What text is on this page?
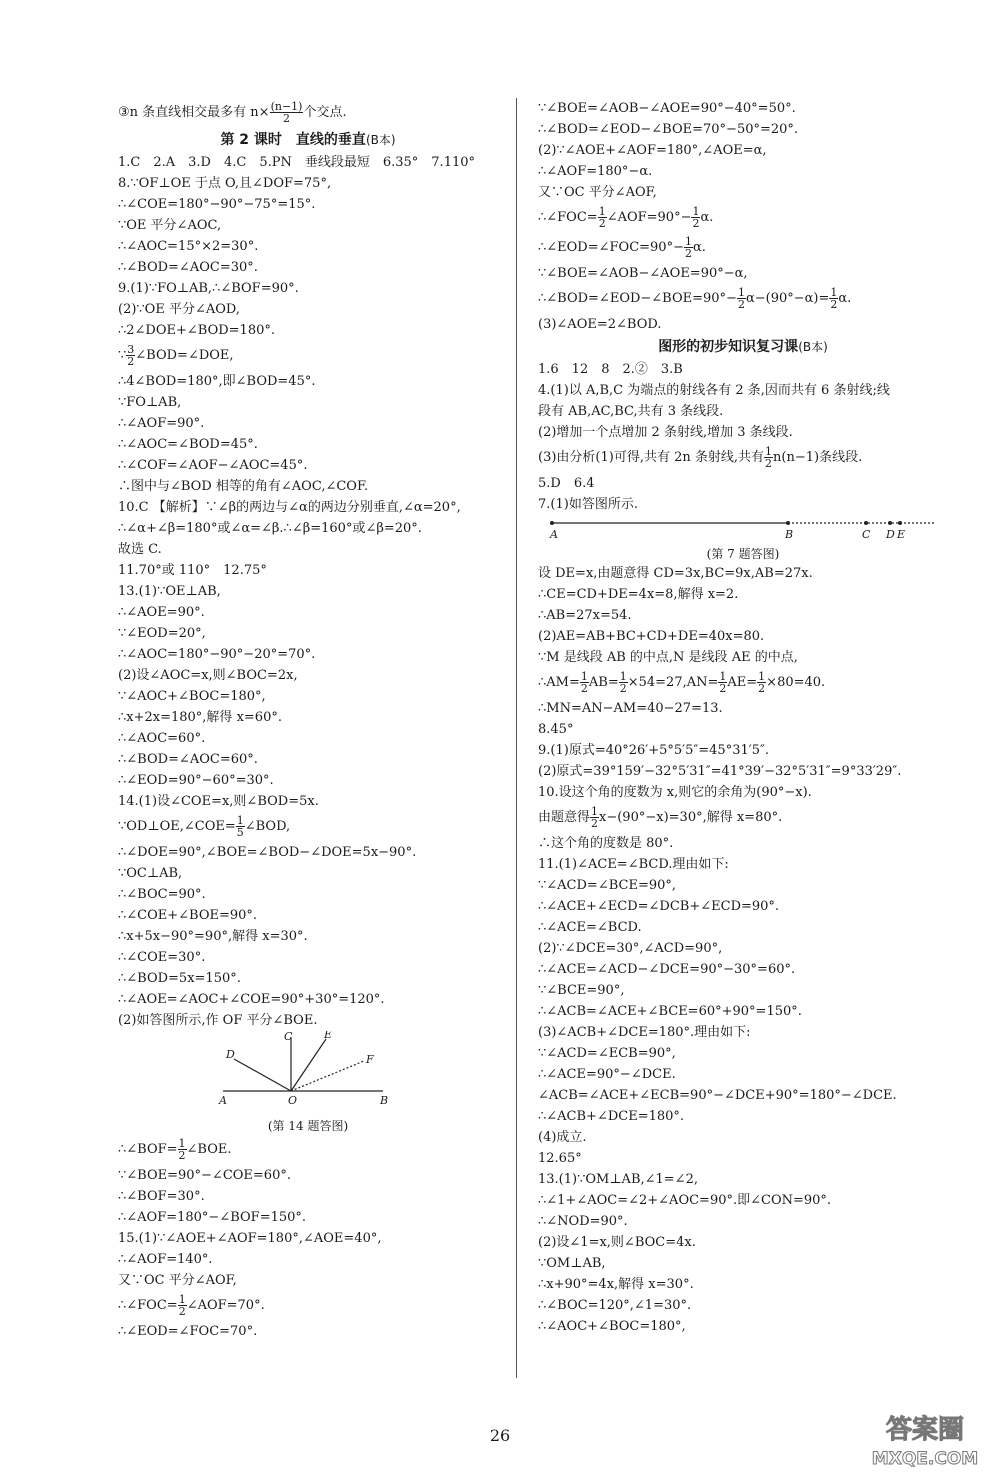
③n 条直线相交最多有 $n\times \frac{(n-1)}{2}$ 个交点.
第 2 课时　直线的垂直(B本)
1.C　2.A　3.D　4.C　5.PN　垂线段最短　6.35°　7.110°
8.∵OF⊥OE 于点 O,且∠DOF=75°,
∴∠COE=180°−90°−75°=15°.
∵OE 平分∠AOC,
∴∠AOC=15°×2=30°.
∴∠BOD=∠AOC=30°.
9.(1)∵FO⊥AB,∴∠BOF=90°.
(2)∵OE 平分∠AOD,
∴2∠DOE+∠BOD=180°.
∵ $\frac{3}{2}$ ∠BOD=∠DOE,
∴4∠BOD=180°,即∠BOD=45°.
∵FO⊥AB,
∴∠AOF=90°.
∴∠AOC=∠BOD=45°.
∴∠COF=∠AOF−∠AOC=45°.
∴图中与∠BOD 相等的角有∠AOC,∠COF.
10.C 【解析】∵∠β的两边与∠α的两边分别垂直,∠α=20°,
∴∠α+∠β=180°或∠α=∠β.∴∠β=160°或∠β=20°.
故选 C.
11.70°或 110°　12.75°
13.(1)∵OE⊥AB,
∴∠AOE=90°.
∵∠EOD=20°,
∴∠AOC=180°−90°−20°=70°.
(2)设∠AOC=x,则∠BOC=2x,
∵∠AOC+∠BOC=180°,
∴x+2x=180°,解得 x=60°.
∴∠AOC=60°.
∴∠BOD=∠AOC=60°.
∴∠EOD=90°−60°=30°.
14.(1)设∠COE=x,则∠BOD=5x.
∵OD⊥OE,∠COE= $\frac{1}{5}$ ∠BOD,
∴∠DOE=90°,∠BOE=∠BOD−∠DOE=5x−90°.
∵OC⊥AB,
∴∠BOC=90°.
∴∠COE+∠BOE=90°.
∴x+5x−90°=90°,解得 x=30°.
∴∠COE=30°.
∴∠BOD=5x=150°.
∴∠AOE=∠AOC+∠COE=90°+30°=120°.
(2)如答图所示,作 OF 平分∠BOE.
A	B
C
D
E
F
O
(第 14 题答图)
∴∠BOF= $\frac{1}{2}$ ∠BOE.
∵∠BOE=90°−∠COE=60°.
∴∠BOF=30°.
∴∠AOF=180°−∠BOF=150°.
15.(1)∵∠AOE+∠AOF=180°,∠AOE=40°,
∴∠AOF=140°.
又∵OC 平分∠AOF,
∴∠FOC= $\frac{1}{2}$ ∠AOF=70°.
∴∠EOD=∠FOC=70°.
∵∠BOE=∠AOB−∠AOE=90°−40°=50°.
∴∠BOD=∠EOD−∠BOE=70°−50°=20°.
(2)∵∠AOE+∠AOF=180°,∠AOE=α,
∴∠AOF=180°−α.
又∵OC 平分∠AOF,
∴∠FOC= $\frac{1}{2}$ ∠AOF=90°− $\frac{1}{2} \alpha$.
∴∠EOD=∠FOC=90°− $\frac{1}{2} \alpha$.
∵∠BOE=∠AOB−∠AOE=90°−α,
∴∠BOD=∠EOD−∠BOE=90°− $\frac{1}{2} \alpha-(90^\circ-\alpha)= \frac{1}{2} \alpha$.
(3)∠AOE=2∠BOD.
图形的初步知识复习课(B本)
1.6　12　8　2.②　3.B
4.(1)以 A,B,C 为端点的射线各有 2 条,因而共有 6 条射线;线
段有 AB,AC,BC,共有 3 条线段.
(2)增加一个点增加 2 条射线,增加 3 条线段.
(3)由分析(1)可得,共有 2n 条射线,共有 $\frac{1}{2} n(n-1)$条线段.
5.D　6.4
7.(1)如答图所示.
A	B	C D E
(第 7 题答图)
设 DE=x,由题意得 CD=3x,BC=9x,AB=27x.
∴CE=CD+DE=4x=8,解得 x=2.
∴AB=27x=54.
(2)AE=AB+BC+CD+DE=40x=80.
∵M 是线段 AB 的中点,N 是线段 AE 的中点,
∴AM= $\frac{1}{2} AB= \frac{1}{2} \times 54=27,AN= \frac{1}{2} AE= \frac{1}{2} \times 80=40$.
∴MN=AN−AM=40−27=13.
8.45°
9.(1)原式=40°26′+5°5′5″=45°31′5″.
(2)原式=39°159′−32°5′31″=41°39′−32°5′31″=9°33′29″.
10.设这个角的度数为 x,则它的余角为(90°−x).
由题意得 $\frac{1}{2} x-(90^\circ-x)=30^\circ$,解得 x=80°.
∴这个角的度数是 80°.
11.(1)∠ACE=∠BCD.理由如下:
∵∠ACD=∠BCE=90°,
∴∠ACE+∠ECD=∠DCB+∠ECD=90°.
∴∠ACE=∠BCD.
(2)∵∠DCE=30°,∠ACD=90°,
∴∠ACE=∠ACD−∠DCE=90°−30°=60°.
∵∠BCE=90°,
∴∠ACB=∠ACE+∠BCE=60°+90°=150°.
(3)∠ACB+∠DCE=180°.理由如下:
∵∠ACD=∠ECB=90°,
∴∠ACE=90°−∠DCE.
∠ACB=∠ACE+∠ECB=90°−∠DCE+90°=180°−∠DCE.
∴∠ACB+∠DCE=180°.
(4)成立.
12.65°
13.(1)∵OM⊥AB,∠1=∠2,
∴∠1+∠AOC=∠2+∠AOC=90°.即∠CON=90°.
∴∠NOD=90°.
(2)设∠1=x,则∠BOC=4x.
∵OM⊥AB,
∴x+90°=4x,解得 x=30°.
∴∠BOC=120°,∠1=30°.
∴∠AOC+∠BOC=180°,
26	答案圈
MXQE.COM
